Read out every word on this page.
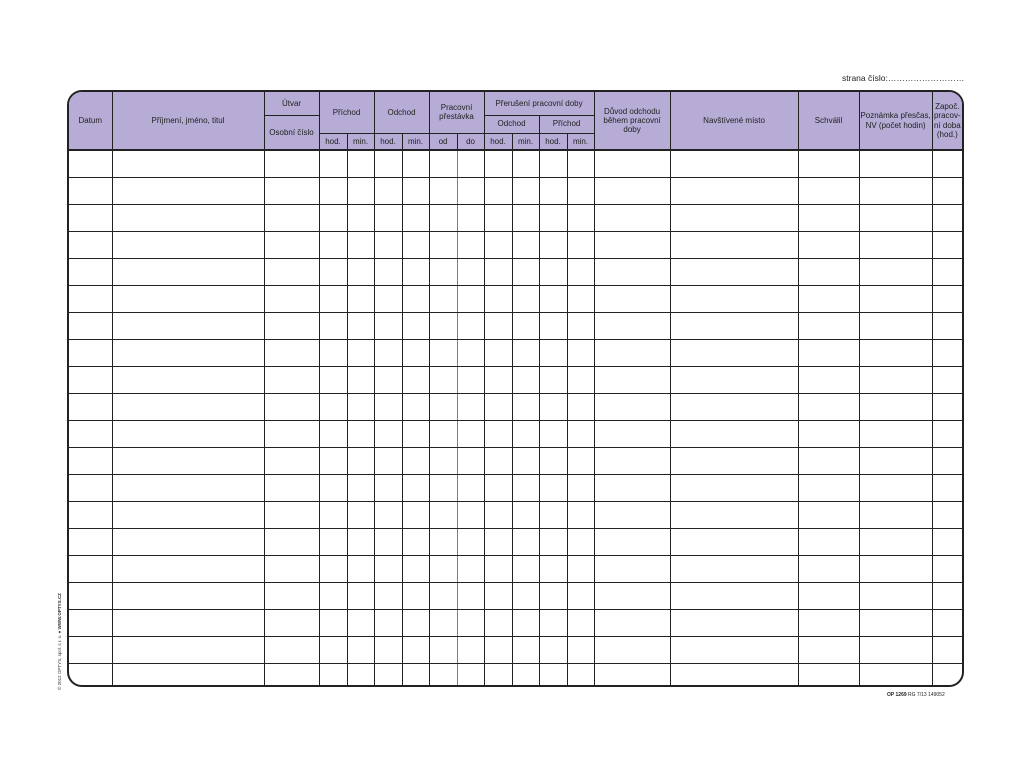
strana číslo:………………………
Datum	Příjmení, jméno, titul	Útvar	Příchod		Odchod		Pracovní přestávka		Přerušení pracovní doby				Důvod odchodu během pracovní doby	Navštívené místo	Schválil	Poznámka přesčas, NV (počet hodin)	Započ. pracov-ní doba (hod.)
		Osobní číslo							Odchod		Příchod						
			hod.	min.	hod.	min.	od	do	hod.	min.	hod.	min.					

© 2012 OPTYS, spol. s r. o. ● WWW.OPTYS.CZ
OP 1269 RG 7/13 149052
